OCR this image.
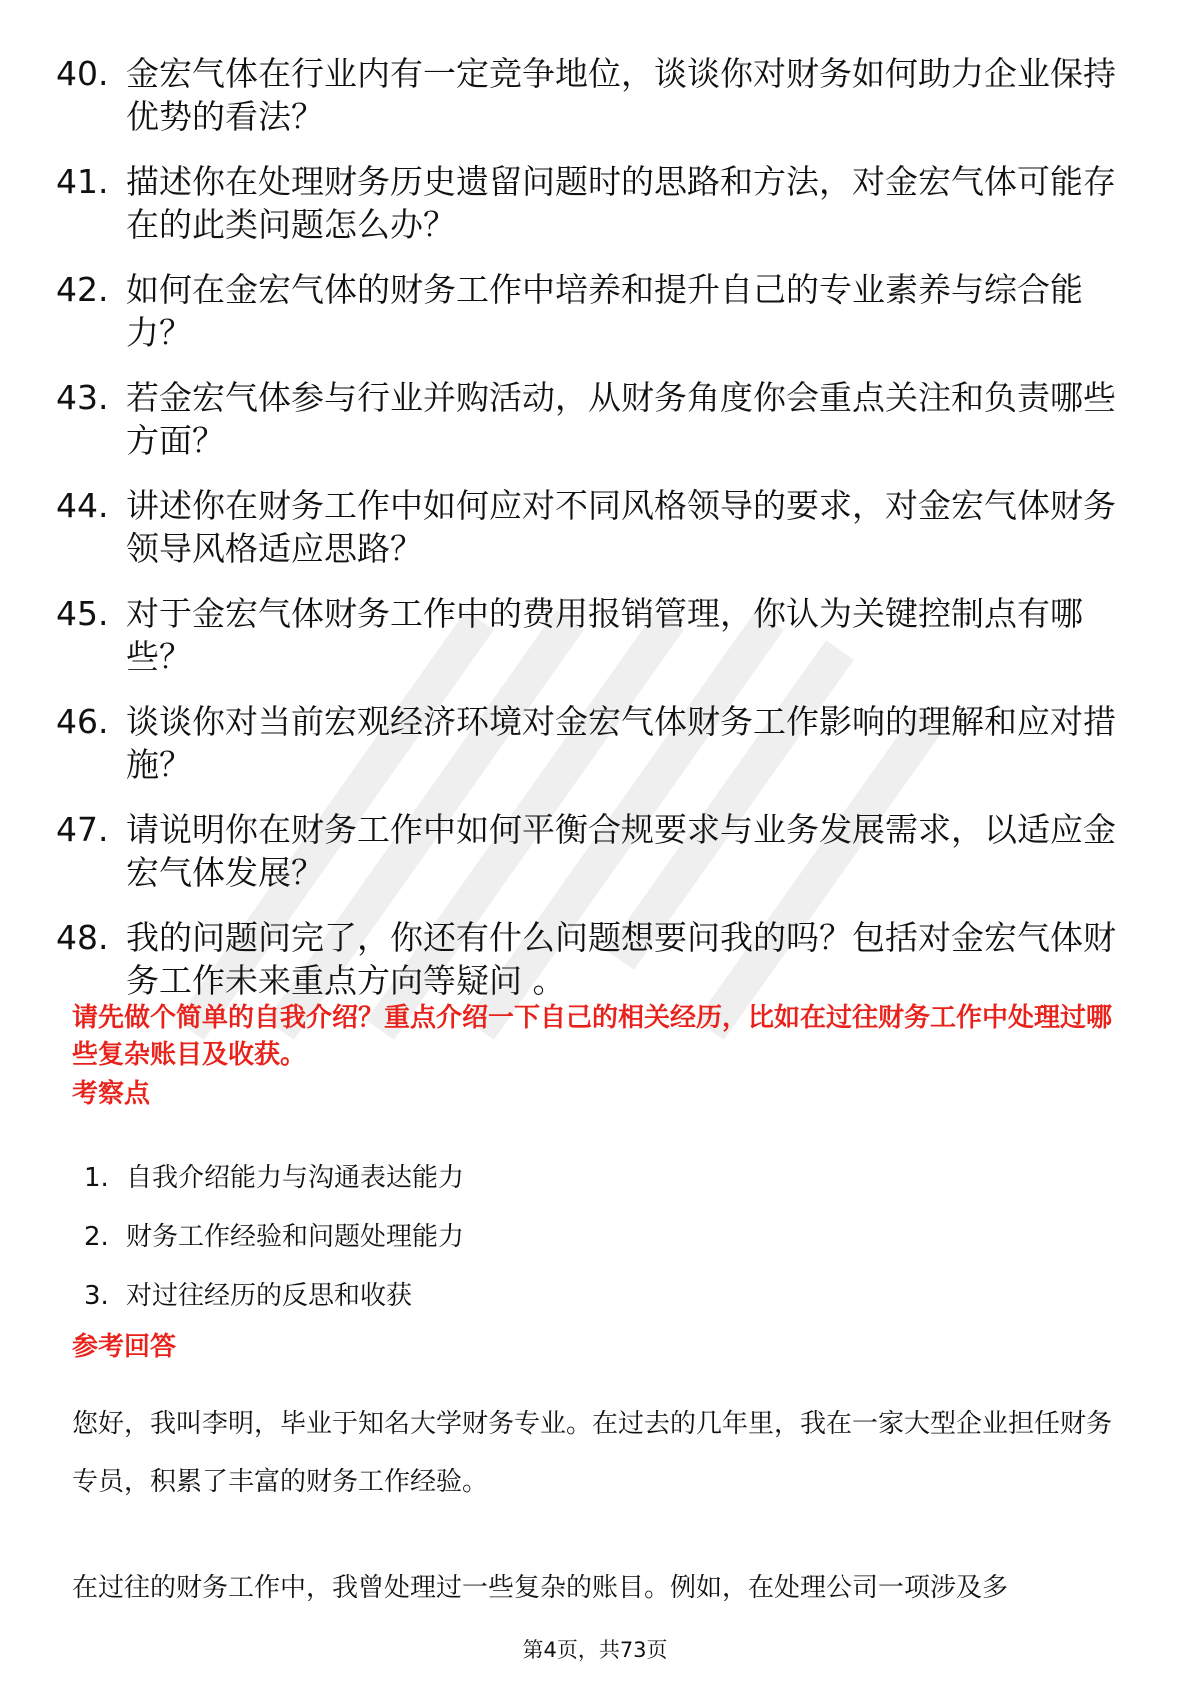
40. 金宏气体在行业内有一定竞争地位，谈谈你对财务如何助力企业保持优势的看法？
41. 描述你在处理财务历史遗留问题时的思路和方法，对金宏气体可能存在的此类问题怎么办？
42. 如何在金宏气体的财务工作中培养和提升自己的专业素养与综合能力？
43. 若金宏气体参与行业并购活动，从财务角度你会重点关注和负责哪些方面？
44. 讲述你在财务工作中如何应对不同风格领导的要求，对金宏气体财务领导风格适应思路？
45. 对于金宏气体财务工作中的费用报销管理，你认为关键控制点有哪些？
46. 谈谈你对当前宏观经济环境对金宏气体财务工作影响的理解和应对措施？
47. 请说明你在财务工作中如何平衡合规要求与业务发展需求，以适应金宏气体发展？
48. 我的问题问完了，你还有什么问题想要问我的吗？包括对金宏气体财务工作未来重点方向等疑问 。
请先做个简单的自我介绍？重点介绍一下自己的相关经历，比如在过往财务工作中处理过哪些复杂账目及收获。
考察点
1. 自我介绍能力与沟通表达能力
2. 财务工作经验和问题处理能力
3. 对过往经历的反思和收获
参考回答
您好，我叫李明，毕业于知名大学财务专业。在过去的几年里，我在一家大型企业担任财务专员，积累了丰富的财务工作经验。
在过往的财务工作中，我曾处理过一些复杂的账目。例如，在处理公司一项涉及多
第4页，共73页
